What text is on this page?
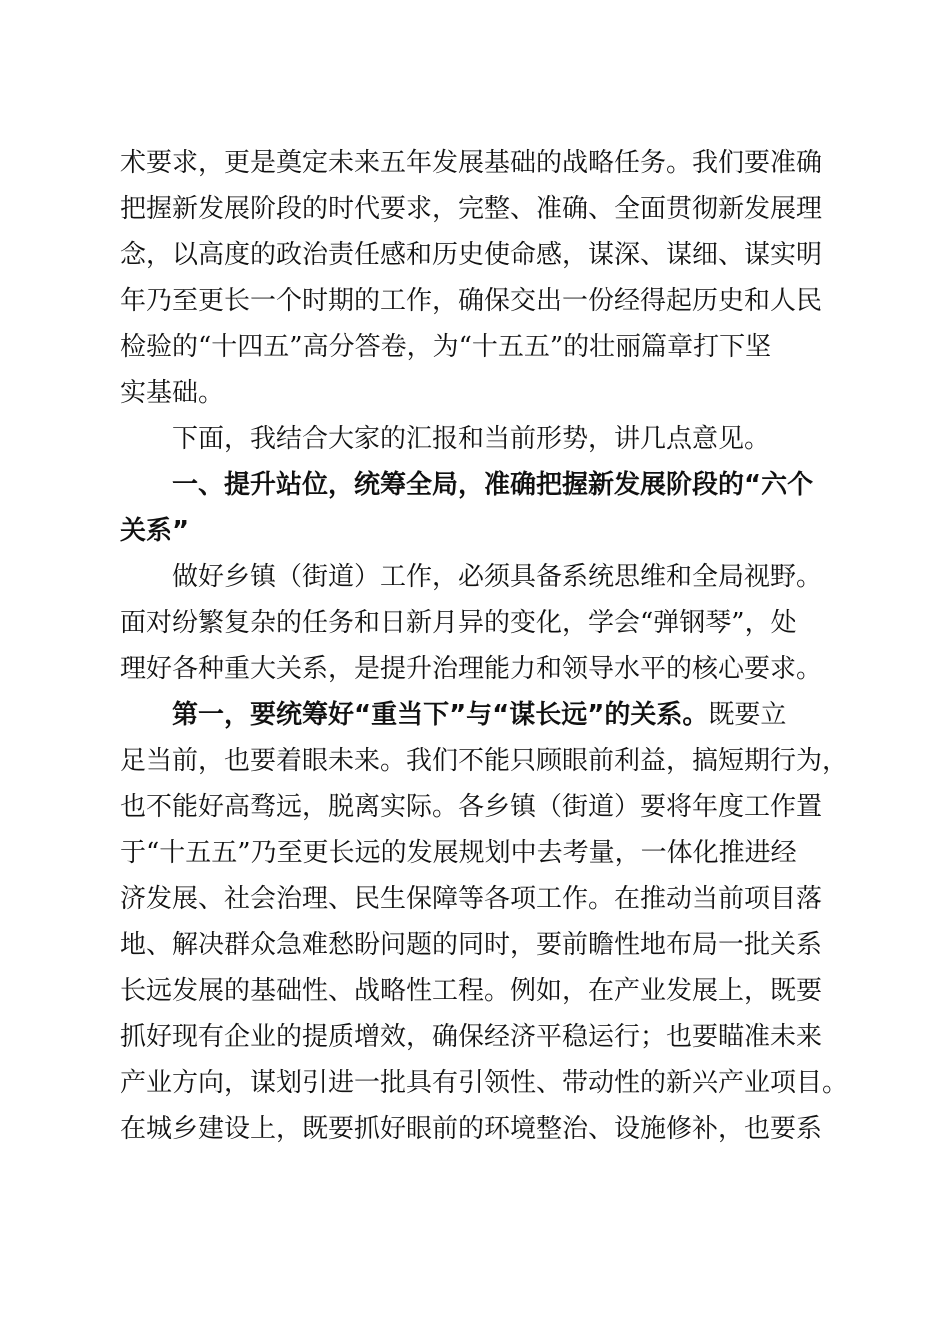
术要求，更是奠定未来五年发展基础的战略任务。我们要准确
把握新发展阶段的时代要求，完整、准确、全面贯彻新发展理
念，以高度的政治责任感和历史使命感，谋深、谋细、谋实明
年乃至更长一个时期的工作，确保交出一份经得起历史和人民
检验的“十四五”高分答卷，为“十五五”的壮丽篇章打下坚
实基础。
下面，我结合大家的汇报和当前形势，讲几点意见。
一、提升站位，统筹全局，准确把握新发展阶段的“六个
关系”
做好乡镇（街道）工作，必须具备系统思维和全局视野。
面对纷繁复杂的任务和日新月异的变化，学会“弹钢琴”，处
理好各种重大关系，是提升治理能力和领导水平的核心要求。
第一，要统筹好“重当下”与“谋长远”的关系。既要立
足当前，也要着眼未来。我们不能只顾眼前利益，搞短期行为，
也不能好高骛远，脱离实际。各乡镇（街道）要将年度工作置
于“十五五”乃至更长远的发展规划中去考量，一体化推进经
济发展、社会治理、民生保障等各项工作。在推动当前项目落
地、解决群众急难愁盼问题的同时，要前瞻性地布局一批关系
长远发展的基础性、战略性工程。例如，在产业发展上，既要
抓好现有企业的提质增效，确保经济平稳运行；也要瞄准未来
产业方向，谋划引进一批具有引领性、带动性的新兴产业项目。
在城乡建设上，既要抓好眼前的环境整治、设施修补，也要系
